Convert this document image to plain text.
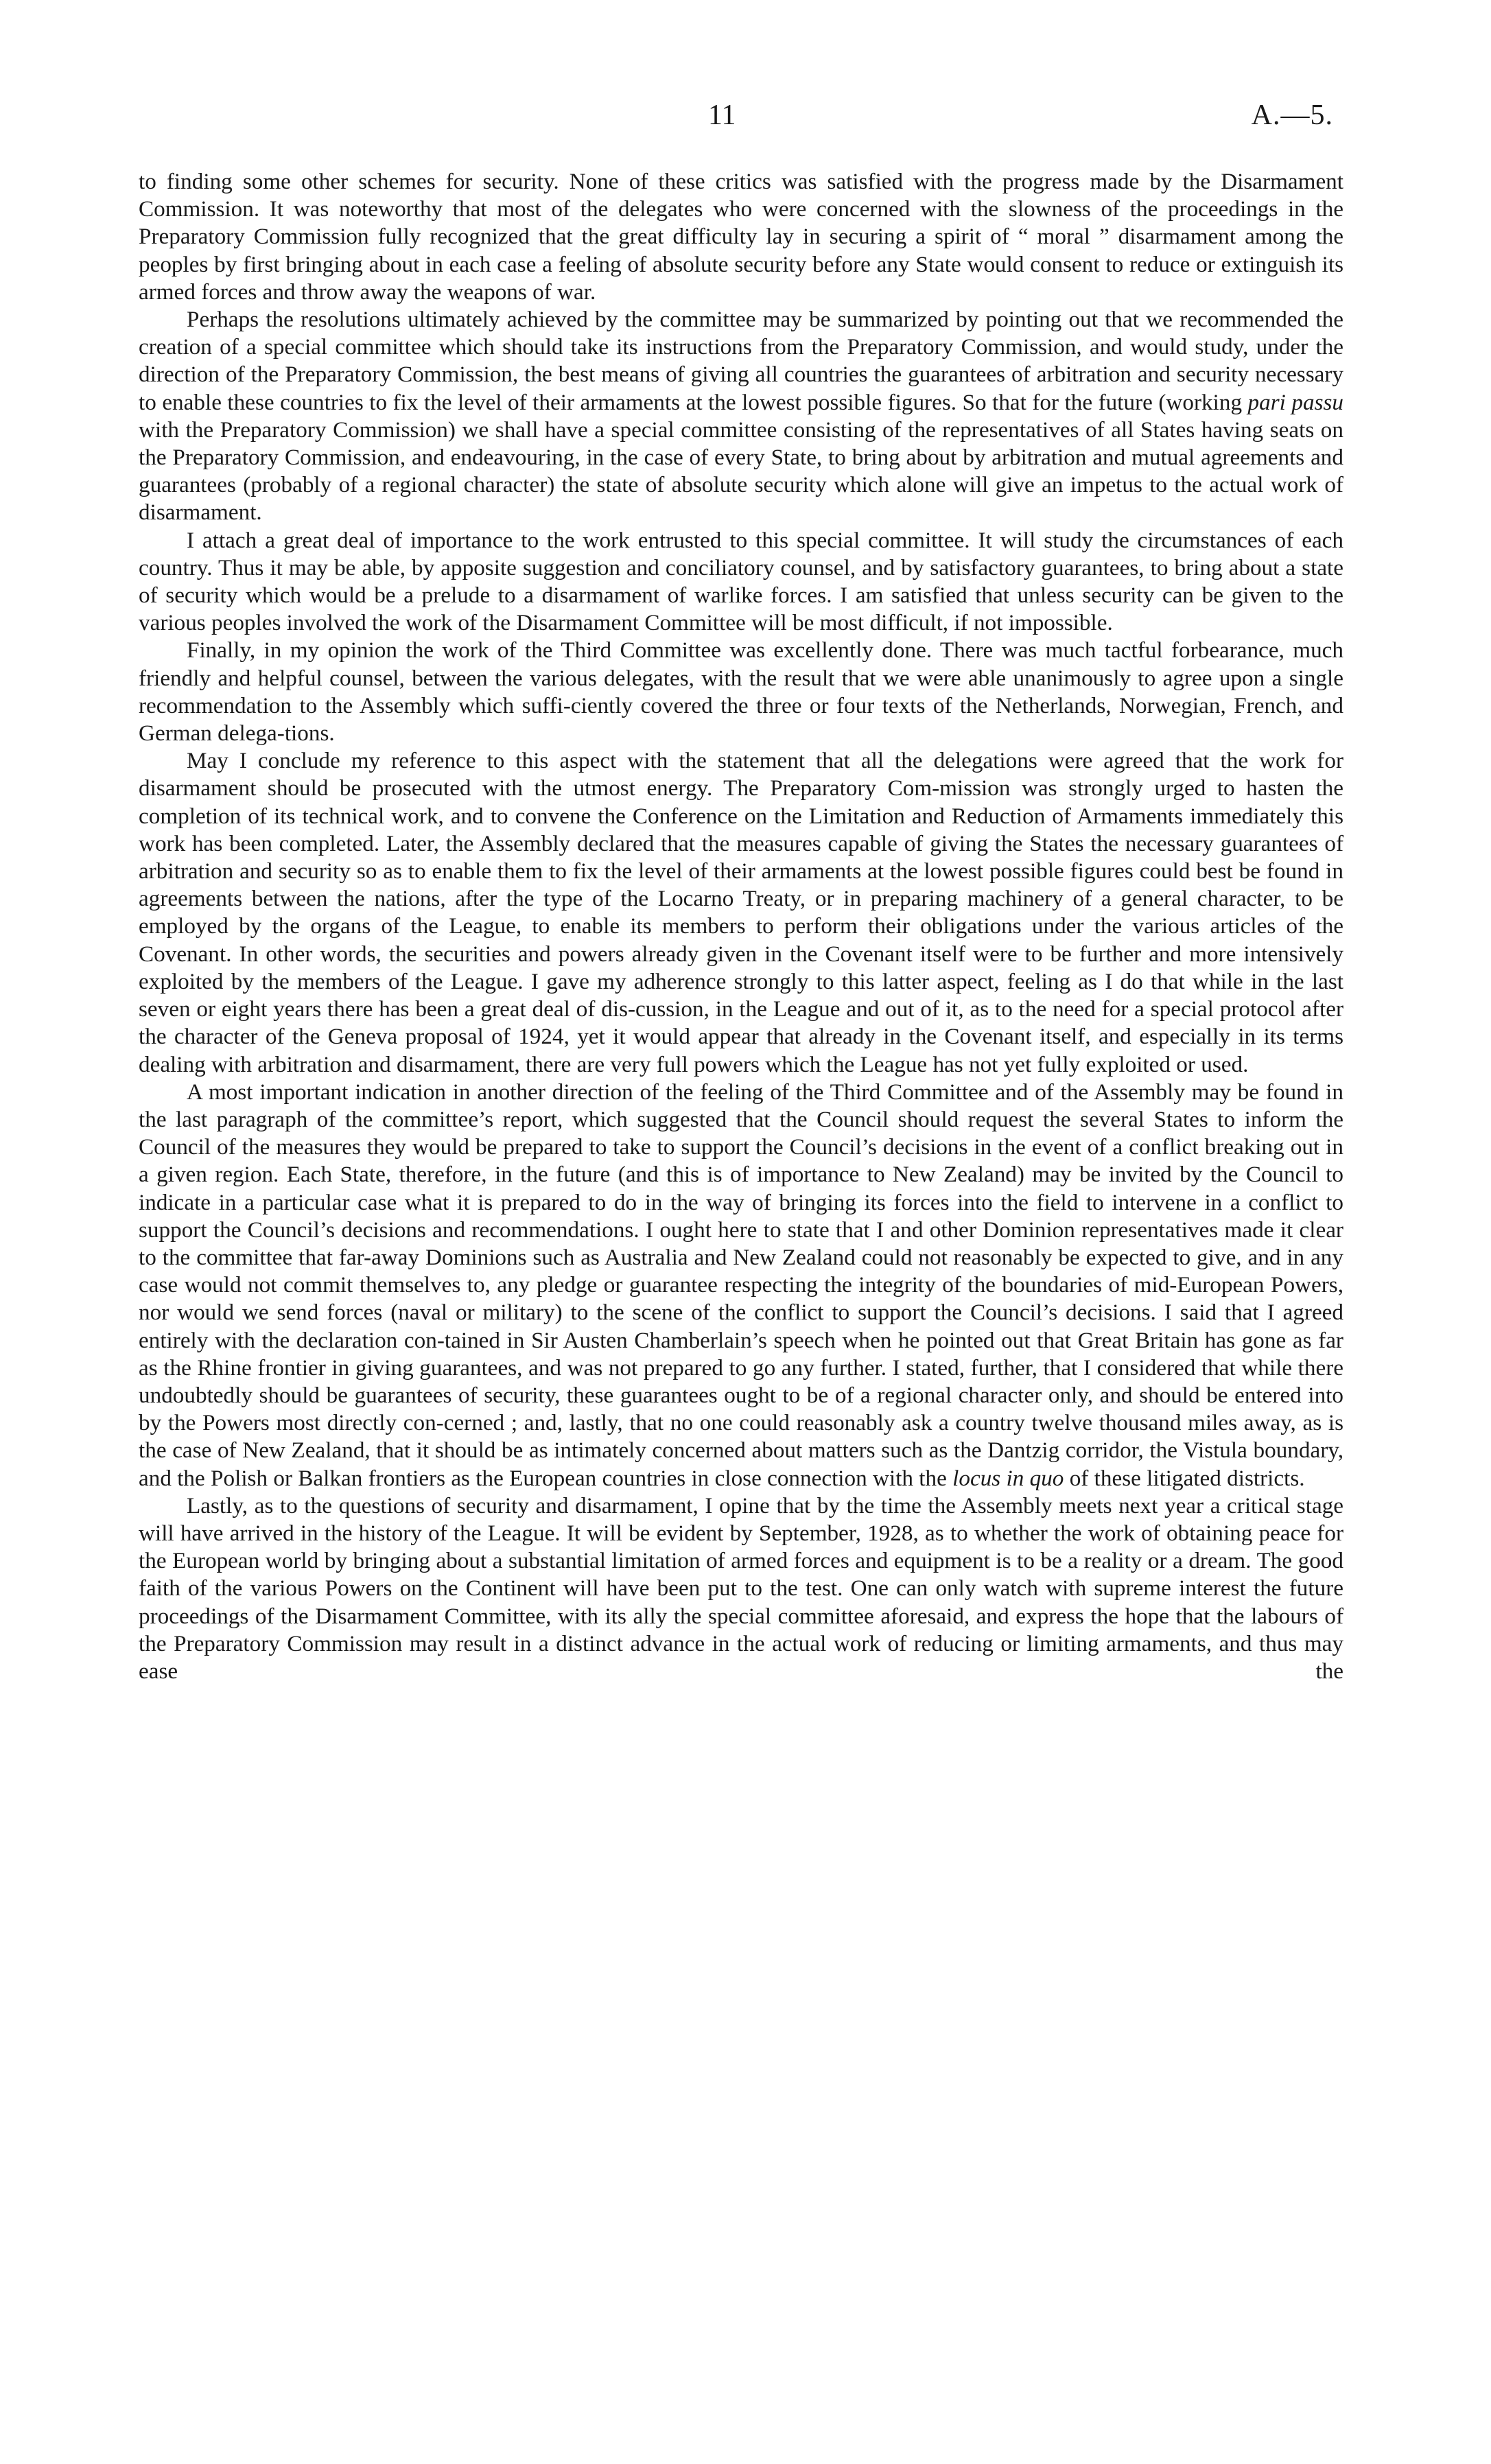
11	A.—5.

to finding some other schemes for security. None of these critics was satisfied with the progress made by the Disarmament Commission. It was noteworthy that most of the delegates who were concerned with the slowness of the proceedings in the Preparatory Commission fully recognized that the great difficulty lay in securing a spirit of “ moral ” disarmament among the peoples by first bringing about in each case a feeling of absolute security before any State would consent to reduce or extinguish its armed forces and throw away the weapons of war.

Perhaps the resolutions ultimately achieved by the committee may be summarized by pointing out that we recommended the creation of a special committee which should take its instructions from the Preparatory Commission, and would study, under the direction of the Preparatory Commission, the best means of giving all countries the guarantees of arbitration and security necessary to enable these countries to fix the level of their armaments at the lowest possible figures. So that for the future (working pari passu with the Preparatory Commission) we shall have a special committee consisting of the representatives of all States having seats on the Preparatory Commission, and endeavouring, in the case of every State, to bring about by arbitration and mutual agreements and guarantees (probably of a regional character) the state of absolute security which alone will give an impetus to the actual work of disarmament.

I attach a great deal of importance to the work entrusted to this special committee. It will study the circumstances of each country. Thus it may be able, by apposite suggestion and conciliatory counsel, and by satisfactory guarantees, to bring about a state of security which would be a prelude to a disarmament of warlike forces. I am satisfied that unless security can be given to the various peoples involved the work of the Disarmament Committee will be most difficult, if not impossible.

Finally, in my opinion the work of the Third Committee was excellently done. There was much tactful forbearance, much friendly and helpful counsel, between the various delegates, with the result that we were able unanimously to agree upon a single recommendation to the Assembly which suffi-ciently covered the three or four texts of the Netherlands, Norwegian, French, and German delega-tions.

May I conclude my reference to this aspect with the statement that all the delegations were agreed that the work for disarmament should be prosecuted with the utmost energy. The Preparatory Com-mission was strongly urged to hasten the completion of its technical work, and to convene the Conference on the Limitation and Reduction of Armaments immediately this work has been completed. Later, the Assembly declared that the measures capable of giving the States the necessary guarantees of arbitration and security so as to enable them to fix the level of their armaments at the lowest possible figures could best be found in agreements between the nations, after the type of the Locarno Treaty, or in preparing machinery of a general character, to be employed by the organs of the League, to enable its members to perform their obligations under the various articles of the Covenant. In other words, the securities and powers already given in the Covenant itself were to be further and more intensively exploited by the members of the League. I gave my adherence strongly to this latter aspect, feeling as I do that while in the last seven or eight years there has been a great deal of dis-cussion, in the League and out of it, as to the need for a special protocol after the character of the Geneva proposal of 1924, yet it would appear that already in the Covenant itself, and especially in its terms dealing with arbitration and disarmament, there are very full powers which the League has not yet fully exploited or used.

A most important indication in another direction of the feeling of the Third Committee and of the Assembly may be found in the last paragraph of the committee’s report, which suggested that the Council should request the several States to inform the Council of the measures they would be prepared to take to support the Council’s decisions in the event of a conflict breaking out in a given region. Each State, therefore, in the future (and this is of importance to New Zealand) may be invited by the Council to indicate in a particular case what it is prepared to do in the way of bringing its forces into the field to intervene in a conflict to support the Council’s decisions and recommendations. I ought here to state that I and other Dominion representatives made it clear to the committee that far-away Dominions such as Australia and New Zealand could not reasonably be expected to give, and in any case would not commit themselves to, any pledge or guarantee respecting the integrity of the boundaries of mid-European Powers, nor would we send forces (naval or military) to the scene of the conflict to support the Council’s decisions. I said that I agreed entirely with the declaration con-tained in Sir Austen Chamberlain’s speech when he pointed out that Great Britain has gone as far as the Rhine frontier in giving guarantees, and was not prepared to go any further. I stated, further, that I considered that while there undoubtedly should be guarantees of security, these guarantees ought to be of a regional character only, and should be entered into by the Powers most directly con-cerned ; and, lastly, that no one could reasonably ask a country twelve thousand miles away, as is the case of New Zealand, that it should be as intimately concerned about matters such as the Dantzig corridor, the Vistula boundary, and the Polish or Balkan frontiers as the European countries in close connection with the locus in quo of these litigated districts.

Lastly, as to the questions of security and disarmament, I opine that by the time the Assembly meets next year a critical stage will have arrived in the history of the League. It will be evident by September, 1928, as to whether the work of obtaining peace for the European world by bringing about a substantial limitation of armed forces and equipment is to be a reality or a dream. The good faith of the various Powers on the Continent will have been put to the test. One can only watch with supreme interest the future proceedings of the Disarmament Committee, with its ally the special committee aforesaid, and express the hope that the labours of the Preparatory Commission may result in a distinct advance in the actual work of reducing or limiting armaments, and thus may ease the
